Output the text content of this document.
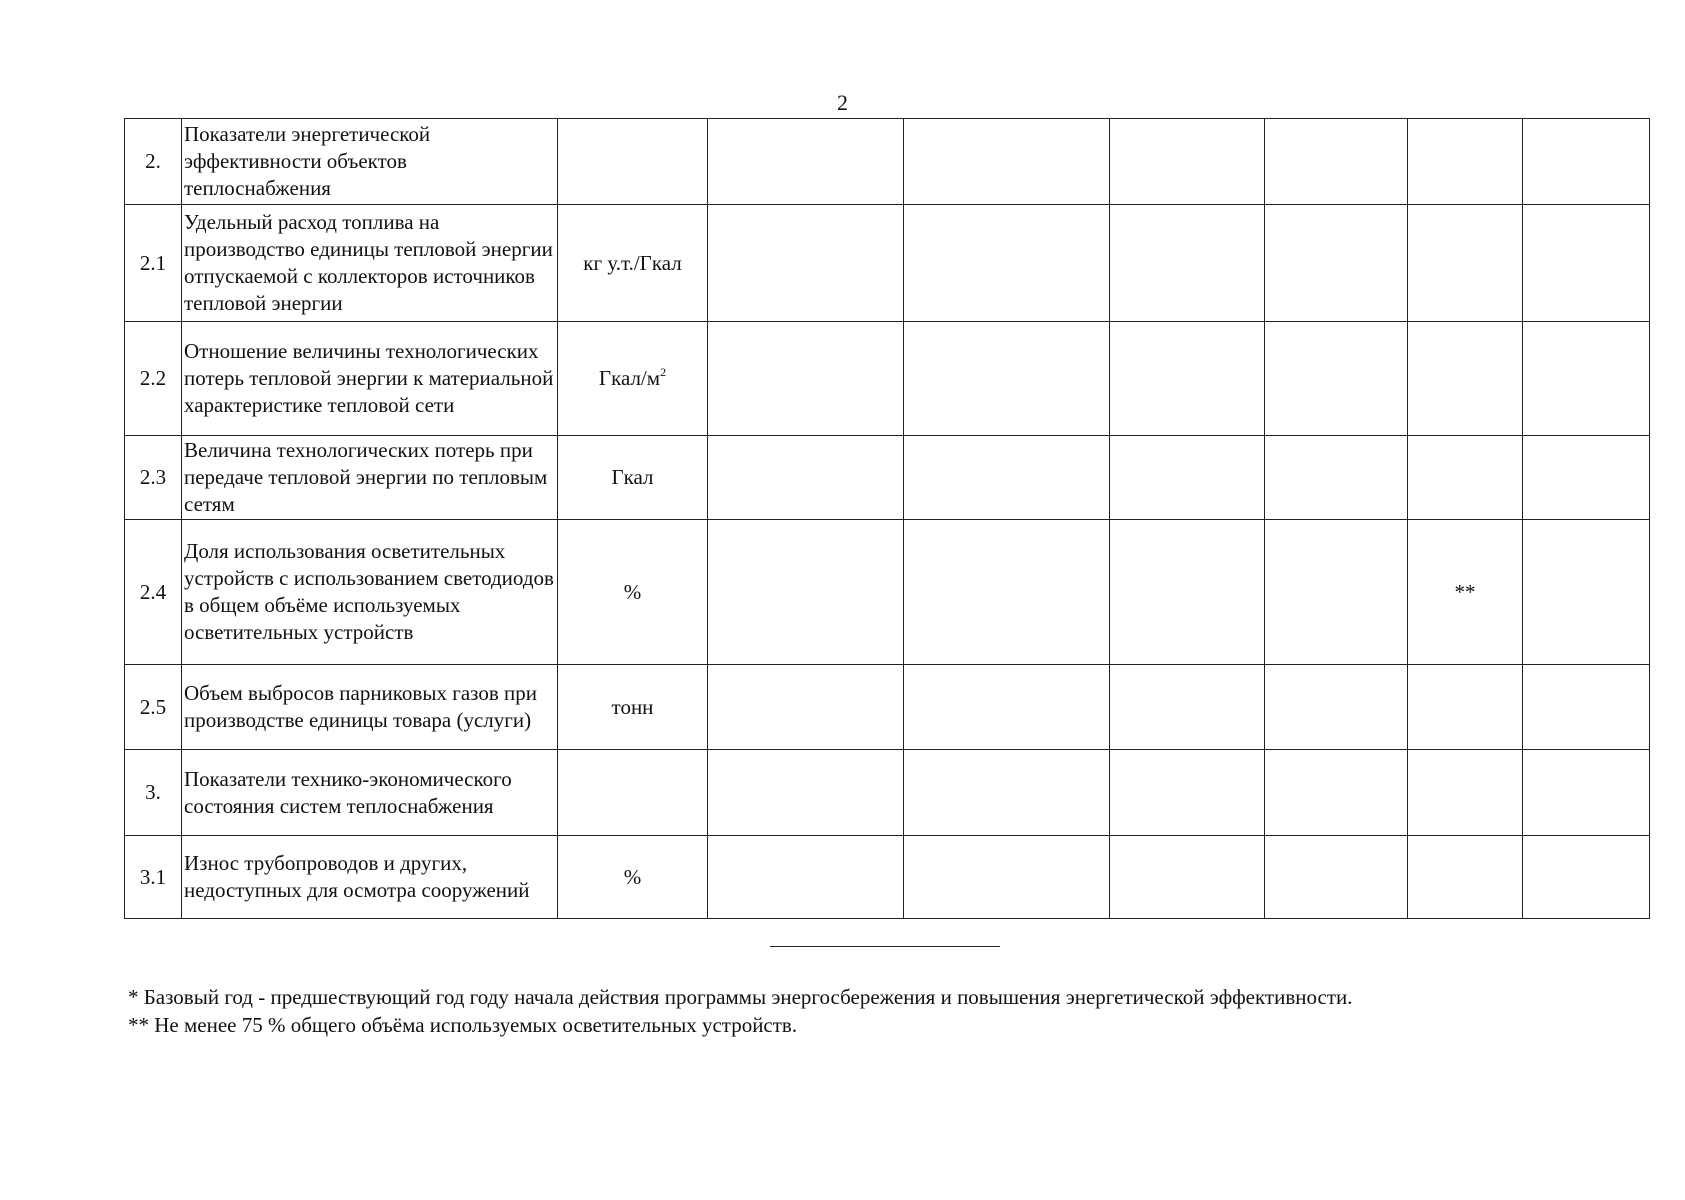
2
2.	Показатели энергетической эффективности объектов теплоснабжения							
2.1	Удельный расход топлива на производство единицы тепловой энергии отпускаемой с коллекторов источников тепловой энергии	кг у.т./Гкал						
2.2	Отношение величины технологических потерь тепловой энергии к материальной характеристике тепловой сети	Гкал/$м^2$						
2.3	Величина технологических потерь при передаче тепловой энергии по тепловым сетям	Гкал						
2.4	Доля использования осветительных устройств с использованием светодиодов в общем объёме используемых осветительных устройств	%					**	
2.5	Объем выбросов парниковых газов при производстве единицы товара (услуги)	тонн						
3.	Показатели технико-экономического состояния систем теплоснабжения							
3.1	Износ трубопроводов и других, недоступных для осмотра сооружений	%						
* Базовый год - предшествующий год году начала действия программы энергосбережения и повышения энергетической эффективности.
** Не менее 75 % общего объёма используемых осветительных устройств.
